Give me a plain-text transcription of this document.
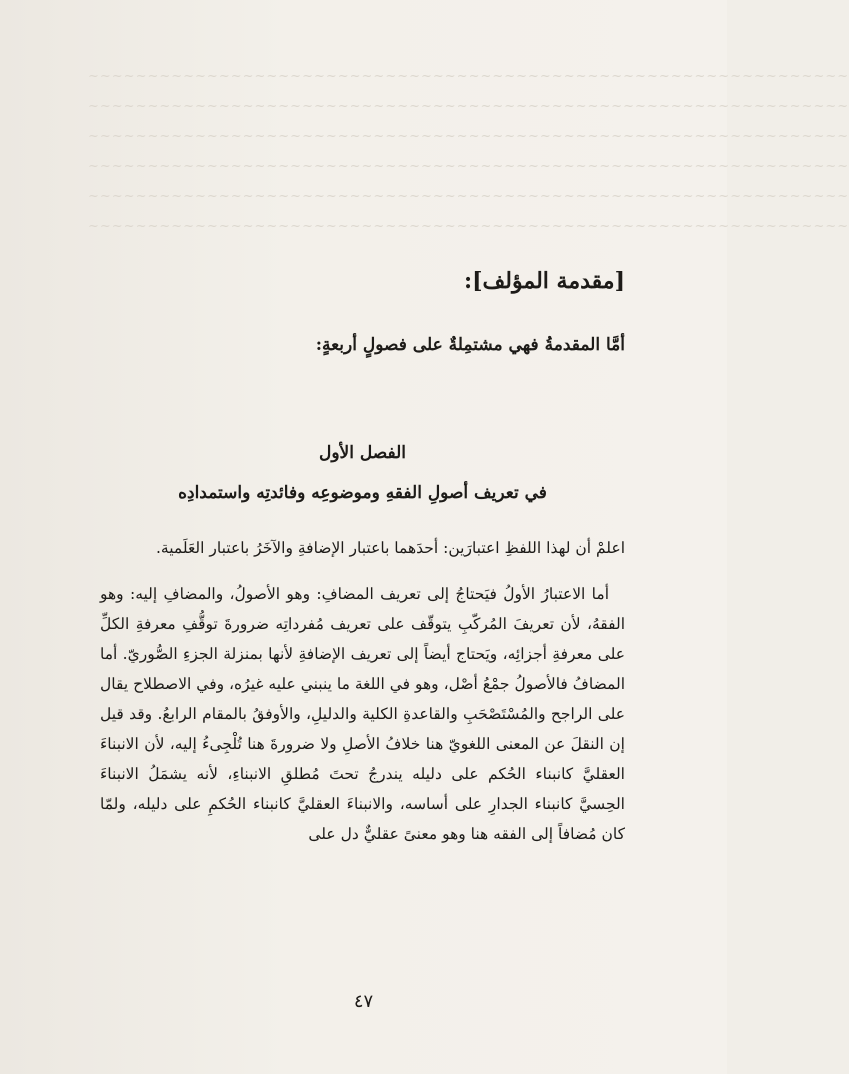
~~~~~~~~~~~~~~~~~~~~~~~~~~~~~~~~~~~~~~~~~~~~~~~~~~~~~~~~~~~~~~~~
~~~~~~~~~~~~~~~~~~~~~~~~~~~~~~~~~~~~~~~~~~~~~~~~~~~~~~~~~~~~~~~~
~~~~~~~~~~~~~~~~~~~~~~~~~~~~~~~~~~~~~~~~~~~~~~~~~~~~~~~~~~~~~~~~
~~~~~~~~~~~~~~~~~~~~~~~~~~~~~~~~~~~~~~~~~~~~~~~~~~~~~~~~~~~~~~~~
~~~~~~~~~~~~~~~~~~~~~~~~~~~~~~~~~~~~~~~~~~~~~~~~~~~~~~~~~~~~~~~~
~~~~~~~~~~~~~~~~~~~~~~~~~~~~~~~~~~~~~~~~~~~~~~~~~~~~~~~~~~~~~~~~
[مقدمة المؤلف]:
أمَّا المقدمةُ فهي مشتمِلةٌ على فصولٍ أربعةٍ:
الفصل الأول
في تعريف أصولِ الفقهِ وموضوعِه وفائدتِه واستمدادِه

اعلمْ أن لهذا اللفظِ اعتبارَين: أحدَهما باعتبار الإضافةِ والآخَرُ باعتبار العَلَمية.

أما الاعتبارُ الأولُ فيَحتاجُ إلى تعريف المضافِ: وهو الأصولُ، والمضافِ إليه: وهو الفقهُ، لأن تعريفَ المُركّبِ يتوقّف على تعريف مُفرداتِه ضرورةَ توقُّفِ معرفةِ الكلِّ على معرفةِ أجزائِه، ويَحتاج أيضاً إلى تعريف الإضافةِ لأنها بمنزلة الجزءِ الصُّوريّ. أما المضافُ فالأصولُ جمْعُ أصْل، وهو في اللغة ما ينبني عليه غيرُه، وفي الاصطلاح يقال على الراجح والمُسْتَصْحَبِ والقاعدةِ الكلية والدليلِ، والأوفقُ بالمقام الرابعُ. وقد قيل إن النقلَ عن المعنى اللغويّ هنا خلافُ الأصلِ ولا ضرورةَ هنا تُلْجِىءُ إليه، لأن الانبناءَ العقليَّ كانبناء الحُكم على دليله يندرجُ تحتَ مُطلقِ الانبناءِ، لأنه يشمَلُ الانبناءَ الحِسيَّ كانبناء الجدارِ على أساسه، والانبناءَ العقليَّ كانبناء الحُكمِ على دليله، ولمّا كان مُضافاً إلى الفقه هنا وهو معنىً عقليٌّ دل على

٤٧
